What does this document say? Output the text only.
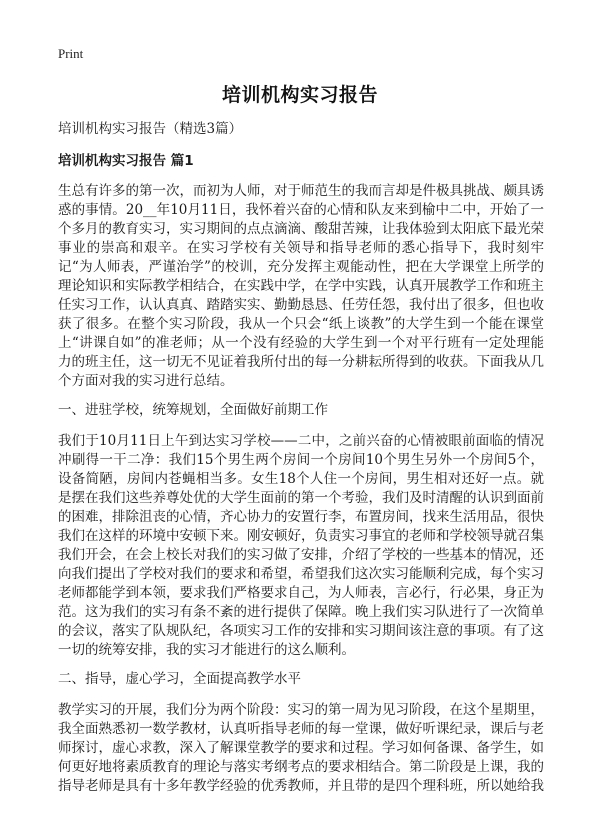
Print
培训机构实习报告

培训机构实习报告（精选3篇）

培训机构实习报告 篇1

生总有许多的第一次，而初为人师，对于师范生的我而言却是件极具挑战、颇具诱惑的事情。20__年10月11日，我怀着兴奋的心情和队友来到榆中二中，开始了一个多月的教育实习，实习期间的点点滴滴、酸甜苦辣，让我体验到太阳底下最光荣事业的崇高和艰辛。在实习学校有关领导和指导老师的悉心指导下，我时刻牢记“为人师表，严谨治学”的校训，充分发挥主观能动性，把在大学课堂上所学的理论知识和实际教学相结合，在实践中学，在学中实践，认真开展教学工作和班主任实习工作，认认真真、踏踏实实、勤勤恳恳、任劳任怨，我付出了很多，但也收获了很多。在整个实习阶段，我从一个只会“纸上谈教”的大学生到一个能在课堂上“讲课自如”的准老师；从一个没有经验的大学生到一个对平行班有一定处理能力的班主任，这一切无不见证着我所付出的每一分耕耘所得到的收获。下面我从几个方面对我的实习进行总结。

一、进驻学校，统筹规划，全面做好前期工作

我们于10月11日上午到达实习学校——二中，之前兴奋的心情被眼前面临的情况冲刷得一干二净：我们15个男生两个房间一个房间10个男生另外一个房间5个，设备简陋，房间内苍蝇相当多。女生18个人住一个房间，男生相对还好一点。就是摆在我们这些养尊处优的大学生面前的第一个考验，我们及时清醒的认识到面前的困难，排除沮丧的心情，齐心协力的安置行李，布置房间，找来生活用品，很快我们在这样的环境中安顿下来。刚安顿好，负责实习事宜的老师和学校领导就召集我们开会，在会上校长对我们的实习做了安排，介绍了学校的一些基本的情况，还向我们提出了学校对我们的要求和希望，希望我们这次实习能顺利完成，每个实习老师都能学到本领，要求我们严格要求自己，为人师表，言必行，行必果，身正为范。这为我们的实习有条不紊的进行提供了保障。晚上我们实习队进行了一次简单的会议，落实了队规队纪，各项实习工作的安排和实习期间该注意的事项。有了这一切的统筹安排，我的实习才能进行的这么顺利。

二、指导，虚心学习，全面提高教学水平

教学实习的开展，我们分为两个阶段：实习的第一周为见习阶段，在这个星期里，我全面熟悉初一数学教材，认真听指导老师的每一堂课，做好听课纪录，课后与老师探讨，虚心求教，深入了解课堂教学的要求和过程。学习如何备课、备学生，如何更好地将素质教育的理论与落实考纲考点的要求相结合。第二阶段是上课，我的指导老师是具有十多年教学经验的优秀教师，并且带的是四个理科班，所以她给我
